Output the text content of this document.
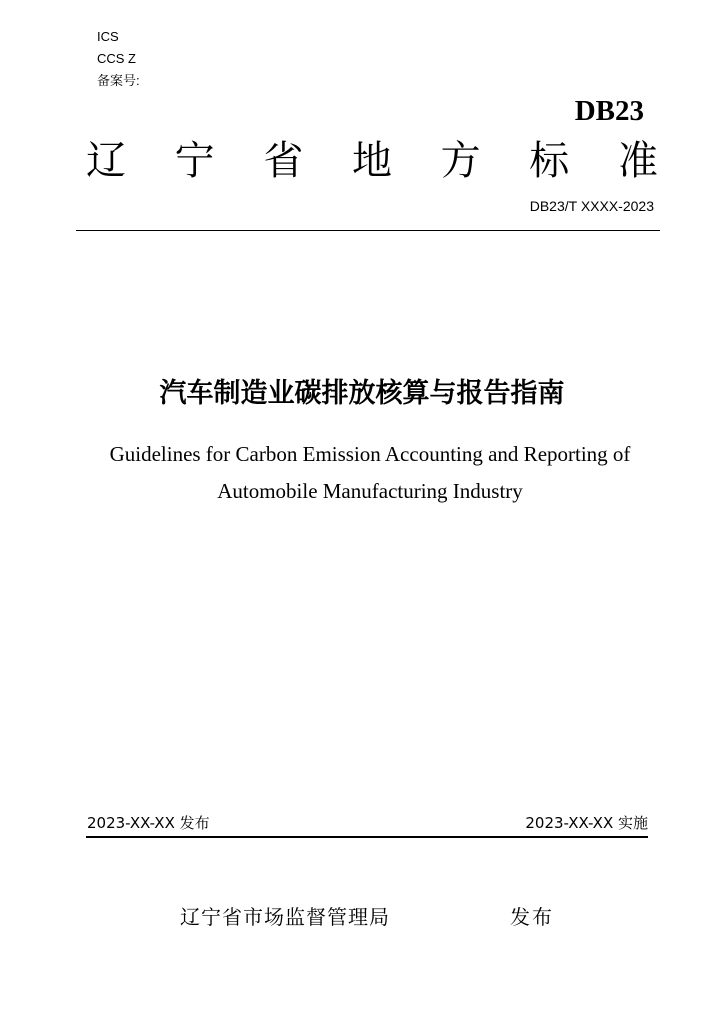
ICS
CCS Z
备案号:
DB23
辽 宁 省 地 方 标 准
DB23/T XXXX-2023
汽车制造业碳排放核算与报告指南
Guidelines for Carbon Emission Accounting and Reporting of Automobile Manufacturing Industry
2023-XX-XX 发布	2023-XX-XX 实施
辽宁省市场监督管理局	发布
